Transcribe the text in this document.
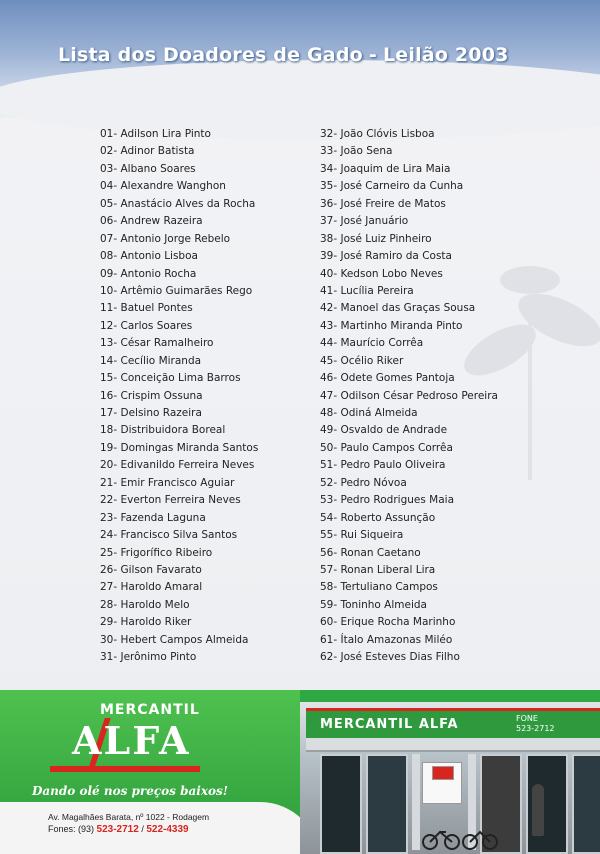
Lista dos Doadores de Gado - Leilão 2003
01- Adilson Lira Pinto
02- Adinor Batista
03- Albano Soares
04- Alexandre Wanghon
05- Anastácio Alves da Rocha
06- Andrew Razeira
07- Antonio Jorge Rebelo
08- Antonio Lisboa
09- Antonio Rocha
10- Artêmio Guimarães Rego
11- Batuel Pontes
12- Carlos Soares
13- César Ramalheiro
14- Cecílio Miranda
15- Conceição Lima Barros
16- Crispim Ossuna
17- Delsino Razeira
18- Distribuidora Boreal
19- Domingas Miranda Santos
20- Edivanildo Ferreira Neves
21- Emir Francisco Aguiar
22- Everton Ferreira Neves
23- Fazenda Laguna
24- Francisco Silva Santos
25- Frigorífico Ribeiro
26- Gilson Favarato
27- Haroldo Amaral
28- Haroldo Melo
29- Haroldo Riker
30- Hebert Campos Almeida
31- Jerônimo Pinto
32- João Clóvis Lisboa
33- João Sena
34- Joaquim de Lira Maia
35- José Carneiro da Cunha
36- José Freire de Matos
37- José Januário
38- José Luiz Pinheiro
39- José Ramiro da Costa
40- Kedson Lobo Neves
41- Lucília Pereira
42- Manoel das Graças Sousa
43- Martinho Miranda Pinto
44- Maurício Corrêa
45- Océlio Riker
46- Odete Gomes Pantoja
47- Odilson César Pedroso Pereira
48- Odiná Almeida
49- Osvaldo de Andrade
50- Paulo Campos Corrêa
51- Pedro Paulo Oliveira
52- Pedro Nóvoa
53- Pedro Rodrigues Maia
54- Roberto Assunção
55- Rui Siqueira
56- Ronan Caetano
57- Ronan Liberal Lira
58- Tertuliano Campos
59- Toninho Almeida
60- Erique Rocha Marinho
61- Ítalo Amazonas Miléo
62- José Esteves Dias Filho
MERCANTIL
ALFA
Dando olé nos preços baixos!
Av. Magalhães Barata, nº 1022 - Rodagem
Fones: (93) 523-2712 / 522-4339
MERCANTIL ALFA	FONE
523-2712
